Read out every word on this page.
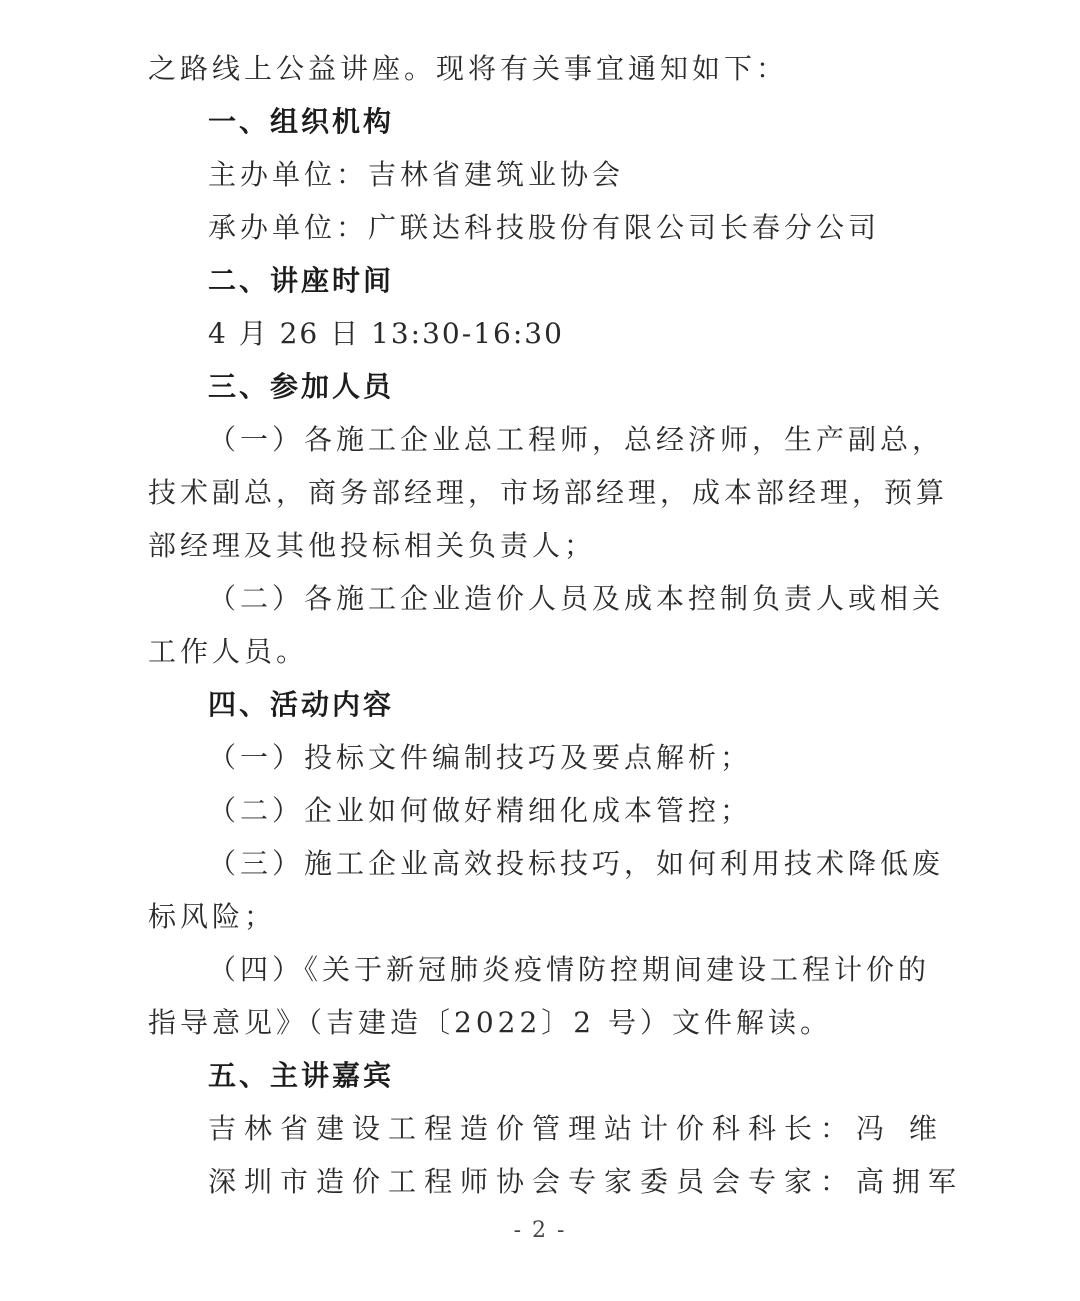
之路线上公益讲座。现将有关事宜通知如下：
一、组织机构
主办单位：吉林省建筑业协会
承办单位：广联达科技股份有限公司长春分公司
二、讲座时间
4 月 26 日 13:30-16:30
三、参加人员
（一）各施工企业总工程师，总经济师，生产副总，
技术副总，商务部经理，市场部经理，成本部经理，预算
部经理及其他投标相关负责人；
（二）各施工企业造价人员及成本控制负责人或相关
工作人员。
四、活动内容
（一）投标文件编制技巧及要点解析；
（二）企业如何做好精细化成本管控；
（三）施工企业高效投标技巧，如何利用技术降低废
标风险；
（四）《关于新冠肺炎疫情防控期间建设工程计价的
指导意见》（吉建造〔2022〕2 号）文件解读。
五、主讲嘉宾
吉林省建设工程造价管理站计价科科长：冯 维
深圳市造价工程师协会专家委员会专家：高拥军
- 2 -
